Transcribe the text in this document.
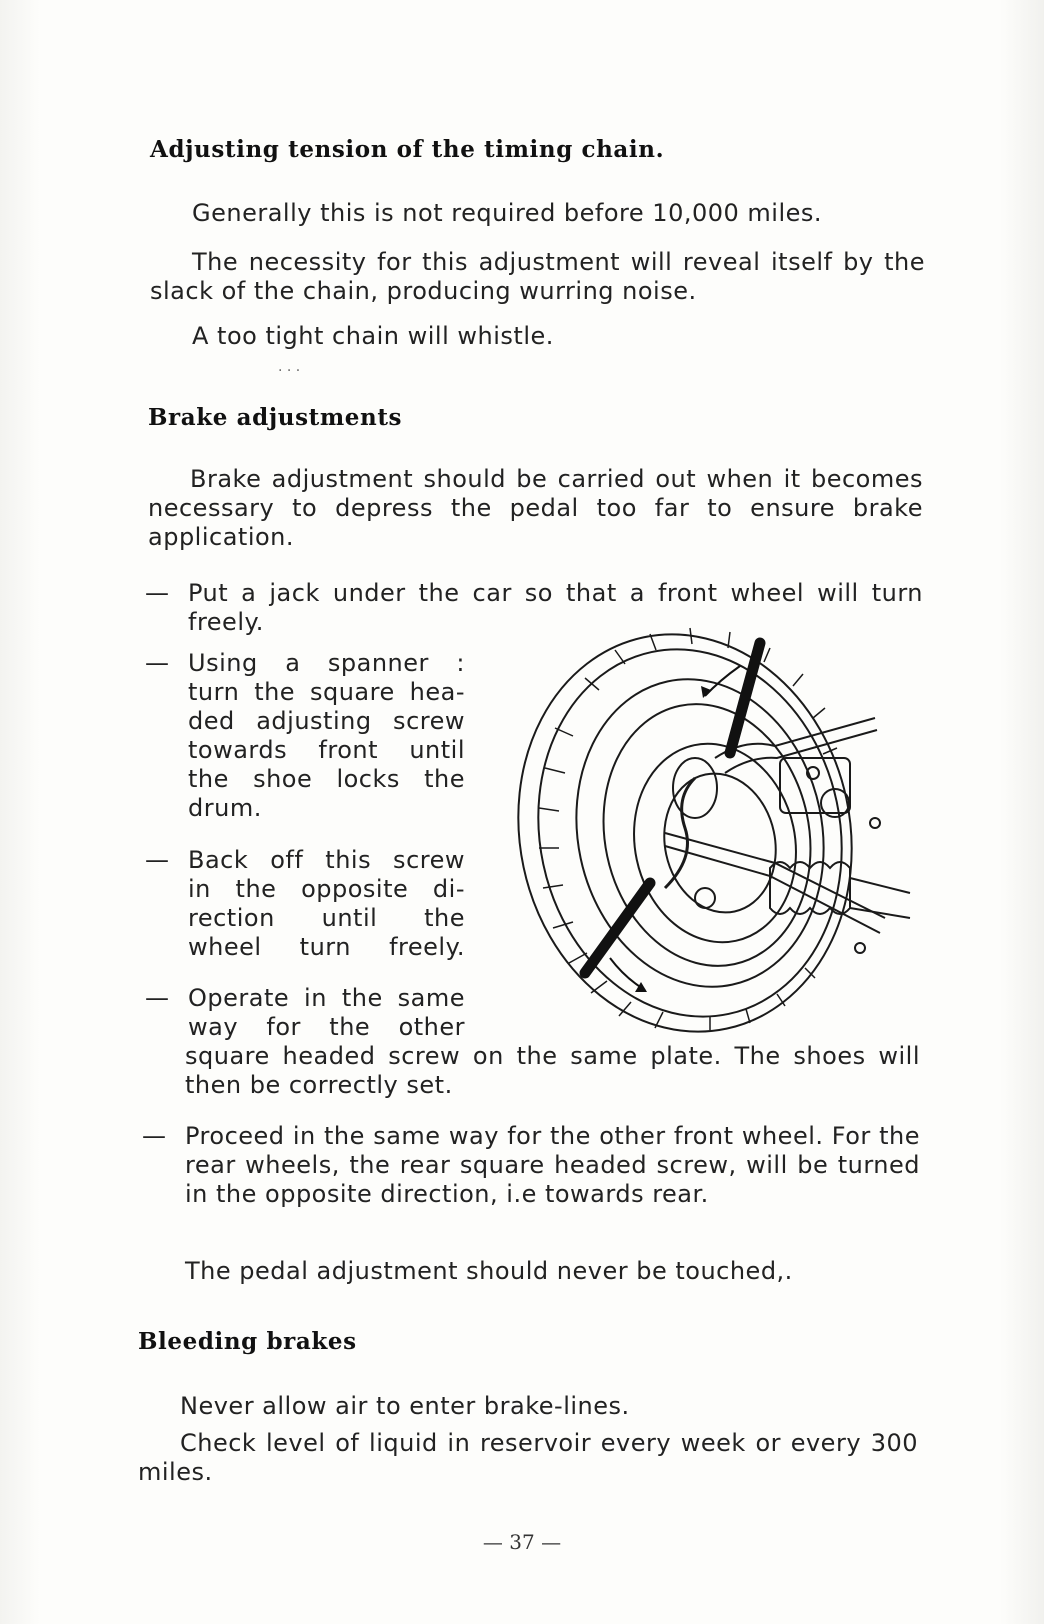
Adjusting tension of the timing chain.
Generally this is not required before 10,000 miles.
The necessity for this adjustment will reveal itself by the slack of the chain, producing wurring noise.
A too tight chain will whistle.
· · ·
Brake adjustments
Brake adjustment should be carried out when it becomes necessary to depress the pedal too far to ensure brake application.
— Put a jack under the car so that a front wheel will turn freely.
— Using a spanner :
turn the square hea-
ded adjusting screw
towards front until
the shoe locks the
drum.
— Back off this screw
in the opposite di-
rection until the
wheel turn freely.
— Operate in the same
way for the other
square headed screw on the same plate. The shoes will then be correctly set.
— Proceed in the same way for the other front wheel. For the rear wheels, the rear square headed screw, will be turned in the opposite direction, i.e towards rear.
The pedal adjustment should never be touched,.
Bleeding brakes
Never allow air to enter brake-lines.
Check level of liquid in reservoir every week or every 300 miles.
— 37 —
